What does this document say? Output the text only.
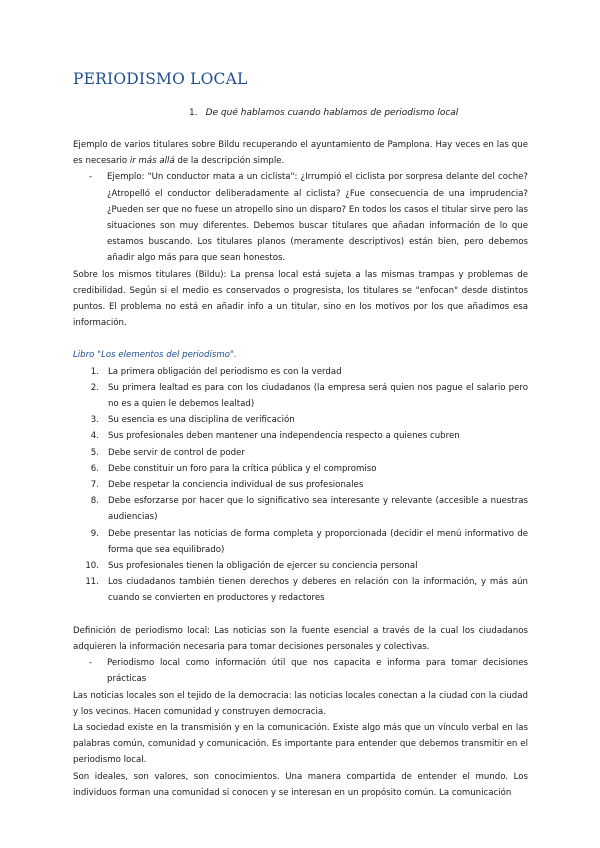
PERIODISMO LOCAL
1. De qué hablamos cuando hablamos de periodismo local

Ejemplo de varios titulares sobre Bildu recuperando el ayuntamiento de Pamplona. Hay veces en las que es necesario ir más allá de la descripción simple.

- Ejemplo: "Un conductor mata a un ciclista": ¿Irrumpió el ciclista por sorpresa delante del coche? ¿Atropelló el conductor deliberadamente al ciclista? ¿Fue consecuencia de una imprudencia? ¿Pueden ser que no fuese un atropello sino un disparo? En todos los casos el titular sirve pero las situaciones son muy diferentes. Debemos buscar titulares que añadan información de lo que estamos buscando. Los titulares planos (meramente descriptivos) están bien, pero debemos añadir algo más para que sean honestos.

Sobre los mismos titulares (Bildu): La prensa local está sujeta a las mismas trampas y problemas de credibilidad. Según si el medio es conservados o progresista, los titulares se "enfocan" desde distintos puntos. El problema no está en añadir info a un titular, sino en los motivos por los que añadimos esa información.

Libro "Los elementos del periodismo".

1. La primera obligación del periodismo es con la verdad
2. Su primera lealtad es para con los ciudadanos (la empresa será quien nos pague el salario pero no es a quien le debemos lealtad)
3. Su esencia es una disciplina de verificación
4. Sus profesionales deben mantener una independencia respecto a quienes cubren
5. Debe servir de control de poder
6. Debe constituir un foro para la crítica pública y el compromiso
7. Debe respetar la conciencia individual de sus profesionales
8. Debe esforzarse por hacer que lo significativo sea interesante y relevante (accesible a nuestras audiencias)
9. Debe presentar las noticias de forma completa y proporcionada (decidir el menú informativo de forma que sea equilibrado)
10. Sus profesionales tienen la obligación de ejercer su conciencia personal
11. Los ciudadanos también tienen derechos y deberes en relación con la información, y más aún cuando se convierten en productores y redactores

Definición de periodismo local: Las noticias son la fuente esencial a través de la cual los ciudadanos adquieren la información necesaria para tomar decisiones personales y colectivas.

- Periodismo local como información útil que nos capacita e informa para tomar decisiones prácticas

Las noticias locales son el tejido de la democracia: las noticias locales conectan a la ciudad con la ciudad y los vecinos. Hacen comunidad y construyen democracia.

La sociedad existe en la transmisión y en la comunicación. Existe algo más que un vínculo verbal en las palabras común, comunidad y comunicación. Es importante para entender que debemos transmitir en el periodismo local.

Son ideales, son valores, son conocimientos. Una manera compartida de entender el mundo. Los individuos forman una comunidad si conocen y se interesan en un propósito común. La comunicación
